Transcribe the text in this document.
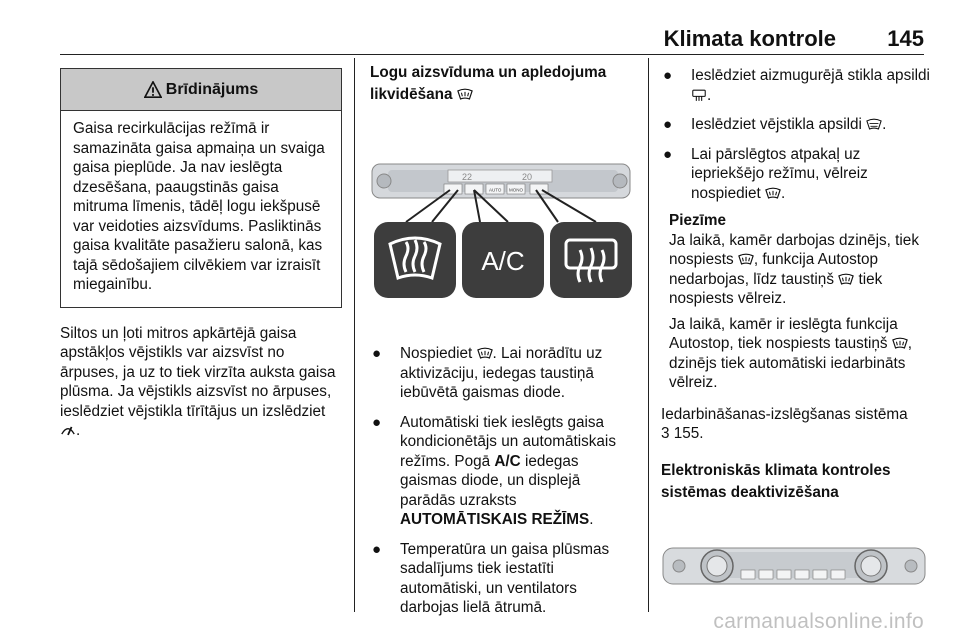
Klimata kontrole 145
Brīdinājums
Gaisa recirkulācijas režīmā ir samazināta gaisa apmaiņa un svaiga gaisa pieplūde. Ja nav ieslēgta dzesēšana, paaugstinās gaisa mitruma līmenis, tādēļ logu iekšpusē var veidoties aizsvīdums. Pasliktinās gaisa kvalitāte pasažieru salonā, kas tajā sēdošajiem cilvēkiem var izraisīt miegainību.
Siltos un ļoti mitros apkārtējā gaisa apstākļos vējstikls var aizsvīst no ārpuses, ja uz to tiek virzīta auksta gaisa plūsma. Ja vējstikls aizsvīst no ārpuses, ieslēdziet vējstikla tīrītājus un izslēdziet .
Logu aizsvīduma un apledojuma likvidēšana
22	20
AUTO MONO
A/C
● Nospiediet . Lai norādītu uz aktivizāciju, iedegas taustiņā iebūvētā gaismas diode.
● Automātiski tiek ieslēgts gaisa kondicionētājs un automātiskais režīms. Pogā A/C iedegas gaismas diode, un displejā parādās uzraksts AUTOMĀTISKAIS REŽĪMS.
● Temperatūra un gaisa plūsmas sadalījums tiek iestatīti automātiski, un ventilators darbojas lielā ātrumā.
● Ieslēdziet aizmugurējā stikla apsildi .
● Ieslēdziet vējstikla apsildi .
● Lai pārslēgtos atpakaļ uz iepriekšējo režīmu, vēlreiz nospiediet .
Piezīme
Ja laikā, kamēr darbojas dzinējs, tiek nospiests , funkcija Autostop nedarbojas, līdz taustiņš tiek nospiests vēlreiz.
Ja laikā, kamēr ir ieslēgta funkcija Autostop, tiek nospiests taustiņš , dzinējs tiek automātiski iedarbināts vēlreiz.
Iedarbināšanas-izslēgšanas sistēma
3 155.
Elektroniskās klimata kontroles sistēmas deaktivizēšana
carmanualsonline.info
